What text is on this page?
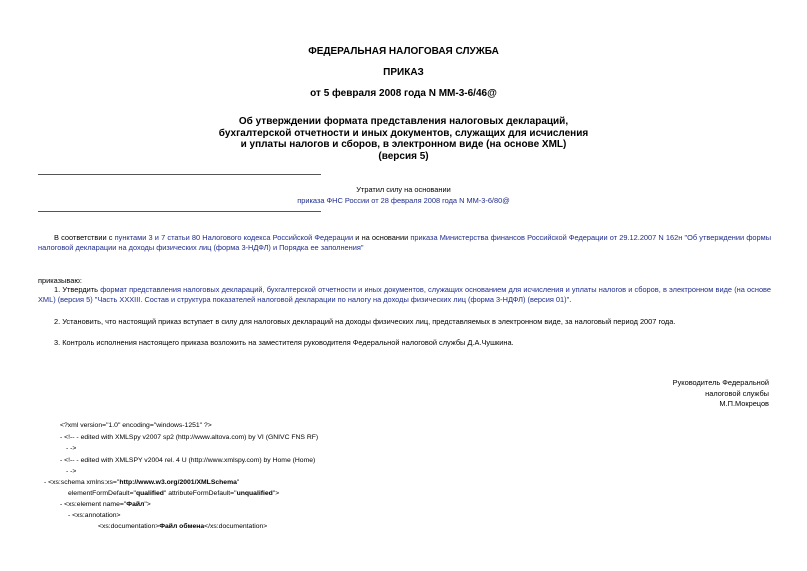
ФЕДЕРАЛЬНАЯ НАЛОГОВАЯ СЛУЖБА
ПРИКАЗ
от 5 февраля 2008 года N ММ-3-6/46@
Об утверждении формата представления налоговых деклараций,
бухгалтерской отчетности и иных документов, служащих для исчисления
и уплаты налогов и сборов, в электронном виде (на основе XML)
(версия 5)
Утратил силу на основании
приказа ФНС России от 28 февраля 2008 года N ММ-3-6/80@
В соответствии с пунктами 3 и 7 статьи 80 Налогового кодекса Российской Федерации и на основании приказа Министерства финансов Российской Федерации от 29.12.2007 N 162н "Об утверждении формы налоговой декларации на доходы физических лиц (форма 3-НДФЛ) и Порядка ее заполнения"
приказываю:
1. Утвердить формат представления налоговых деклараций, бухгалтерской отчетности и иных документов, служащих основанием для исчисления и уплаты налогов и сборов, в электронном виде (на основе XML) (версия 5) "Часть XXXIII. Состав и структура показателей налоговой декларации по налогу на доходы физических лиц (форма 3-НДФЛ) (версия 01)".
2. Установить, что настоящий приказ вступает в силу для налоговых деклараций на доходы физических лиц, представляемых в электронном виде, за налоговый период 2007 года.
3. Контроль исполнения настоящего приказа возложить на заместителя руководителя Федеральной налоговой службы Д.А.Чушкина.
Руководитель Федеральной
налоговой службы
М.П.Мокрецов
<?xml version="1.0" encoding="windows-1251" ?>
- <!-- - edited with XMLSpy v2007 sp2 (http://www.altova.com) by VI (GNIVC FNS RF)
- ->
- <!-- - edited with XMLSPY v2004 rel. 4 U (http://www.xmlspy.com) by Home (Home)
- ->
- <xs:schema xmlns:xs="http://www.w3.org/2001/XMLSchema"
elementFormDefault="qualified" attributeFormDefault="unqualified">
- <xs:element name="Файл">
- <xs:annotation>
<xs:documentation>Файл обмена</xs:documentation>
